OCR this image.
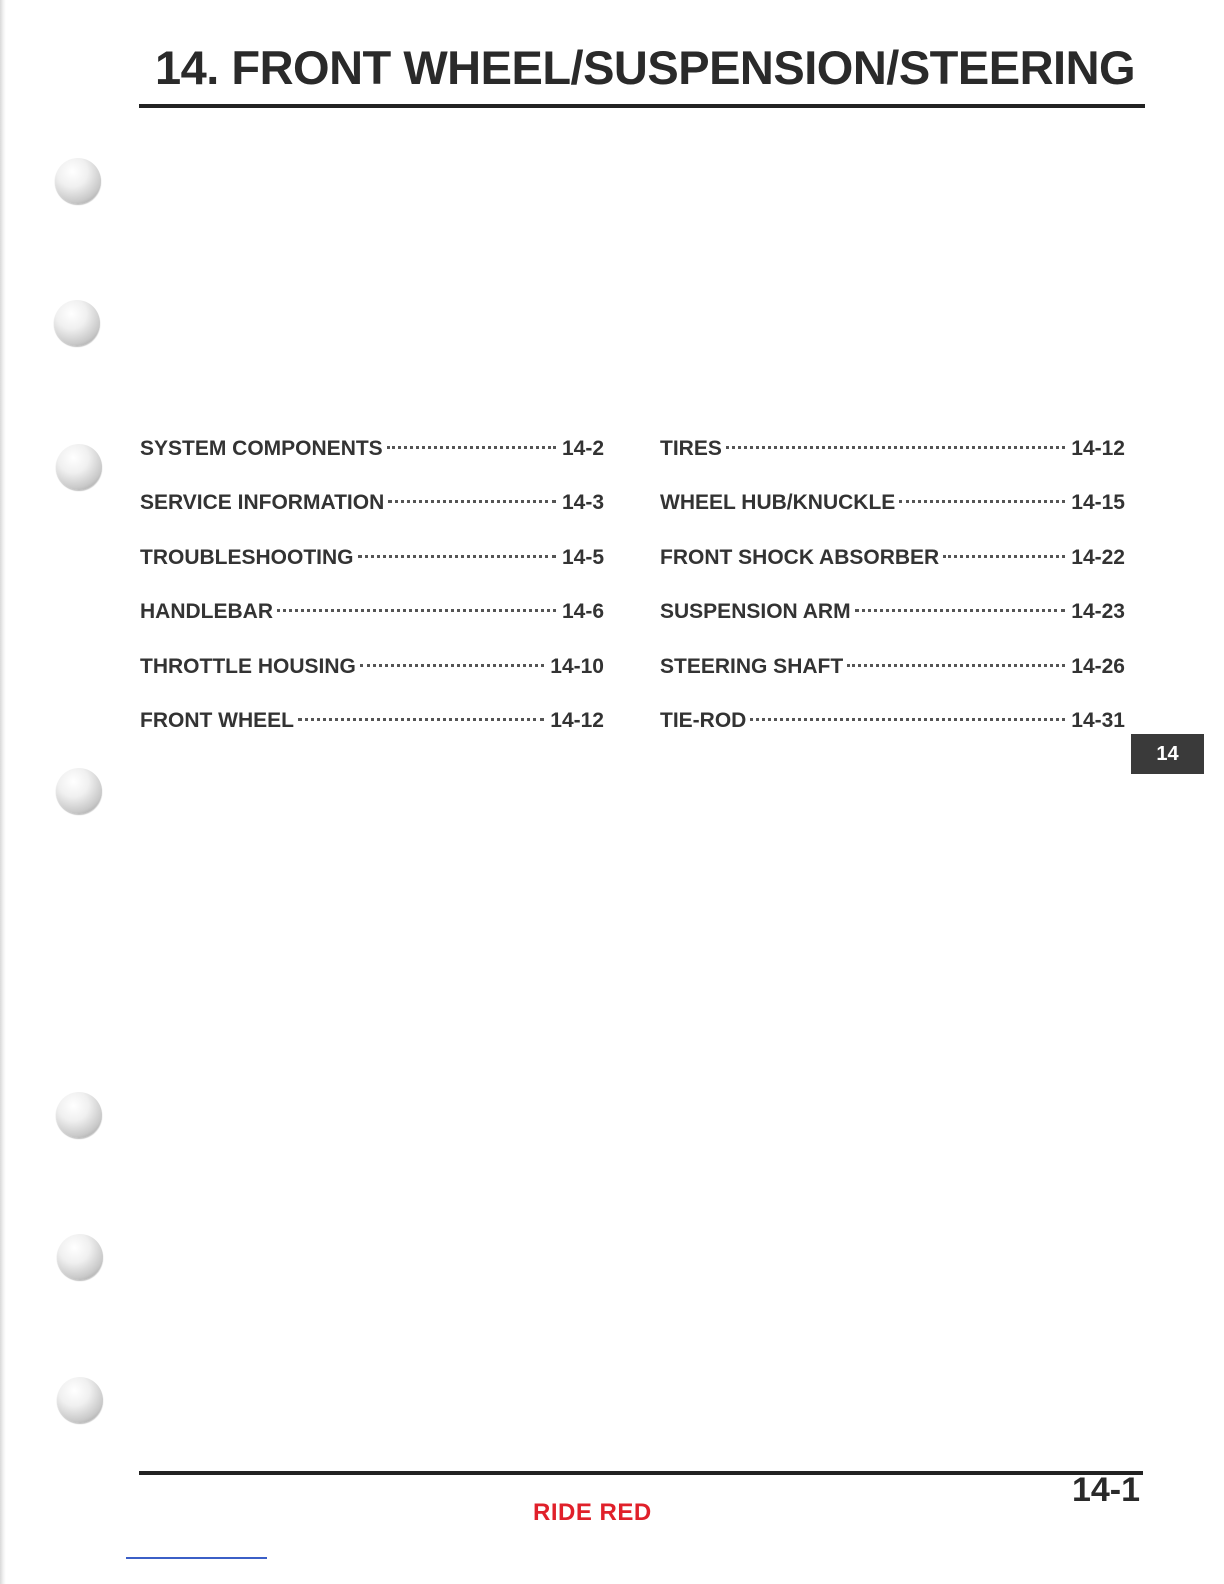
14. FRONT WHEEL/SUSPENSION/STEERING
SYSTEM COMPONENTS	14-2
SERVICE INFORMATION	14-3
TROUBLESHOOTING	14-5
HANDLEBAR	14-6
THROTTLE HOUSING	14-10
FRONT WHEEL	14-12
TIRES	14-12
WHEEL HUB/KNUCKLE	14-15
FRONT SHOCK ABSORBER	14-22
SUSPENSION ARM	14-23
STEERING SHAFT	14-26
TIE-ROD	14-31
14
14-1
RIDE RED
